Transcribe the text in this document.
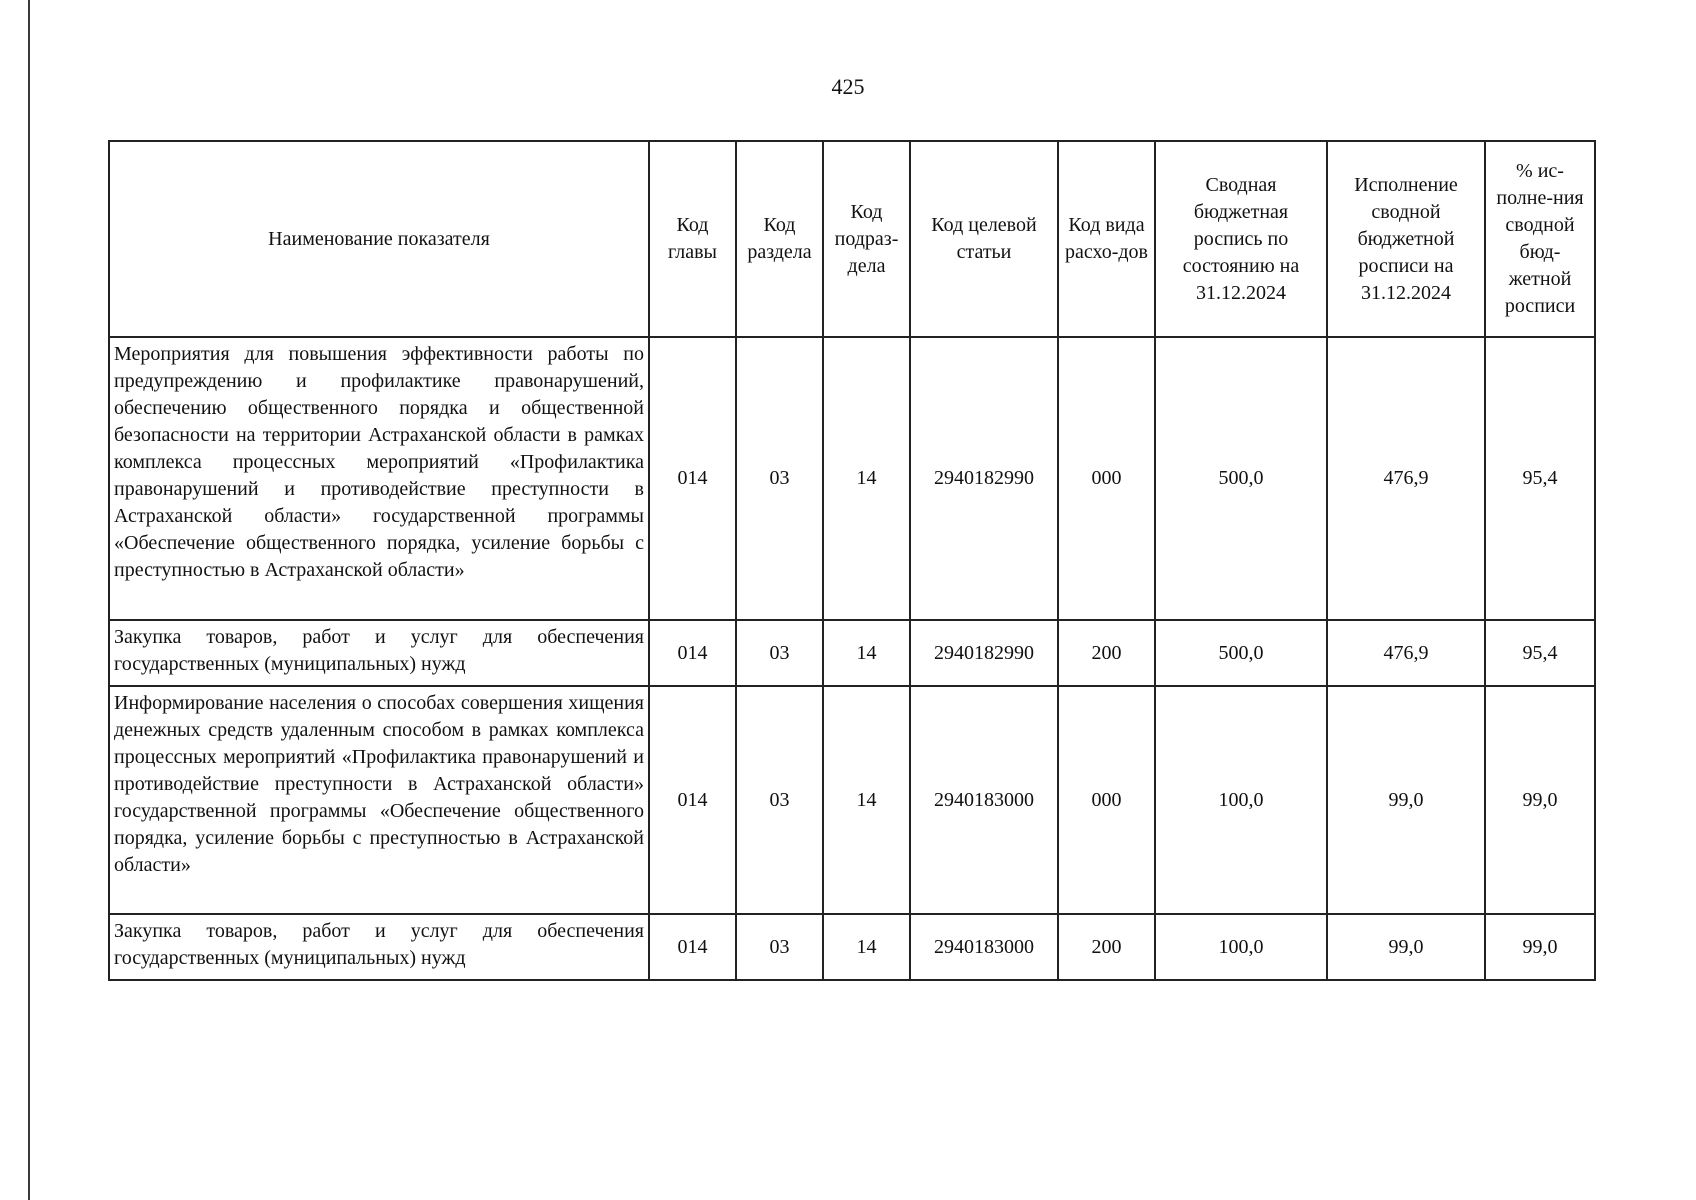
425
Наименование показателя	Код главы	Код раздела	Код подраз-дела	Код целевой статьи	Код вида расхо-дов	Сводная бюджетная роспись по состоянию на 31.12.2024	Исполнение сводной бюджетной росписи на 31.12.2024	% ис-полне-ния сводной бюд-жетной росписи
Мероприятия для повышения эффективности работы по предупреждению и профилактике правонарушений, обеспечению общественного порядка и общественной безопасности на территории Астраханской области в рамках комплекса процессных мероприятий «Профилактика правонарушений и противодействие преступности в Астраханской области» государственной программы «Обеспечение общественного порядка, усиление борьбы с преступностью в Астраханской области»	014	03	14	2940182990	000	500,0	476,9	95,4
Закупка товаров, работ и услуг для обеспечения государственных (муниципальных) нужд	014	03	14	2940182990	200	500,0	476,9	95,4
Информирование населения о способах совершения хищения денежных средств удаленным способом в рамках комплекса процессных мероприятий «Профилактика правонарушений и противодействие преступности в Астраханской области» государственной программы «Обеспечение общественного порядка, усиление борьбы с преступностью в Астраханской области»	014	03	14	2940183000	000	100,0	99,0	99,0
Закупка товаров, работ и услуг для обеспечения государственных (муниципальных) нужд	014	03	14	2940183000	200	100,0	99,0	99,0
